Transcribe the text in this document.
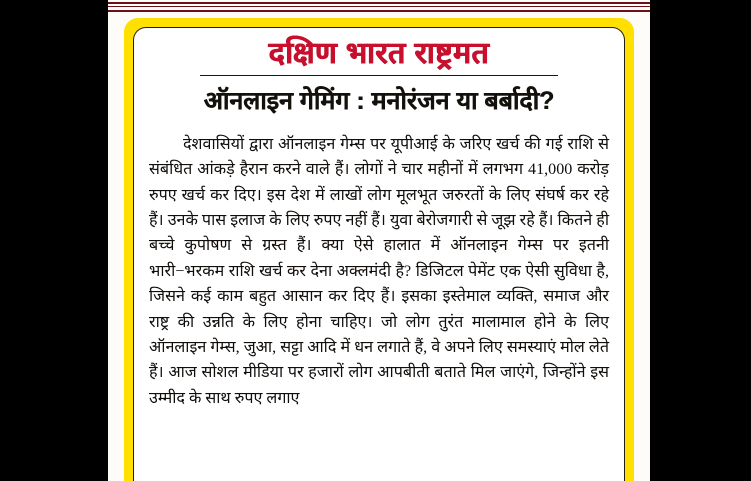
दक्षिण भारत राष्ट्रमत
ऑनलाइन गेमिंग : मनोरंजन या बर्बादी?

देशवासियों द्वारा ऑनलाइन गेम्स पर यूपीआई के जरिए खर्च की गई राशि से संबंधित आंकड़े हैरान करने वाले हैं। लोगों ने चार महीनों में लगभग 41,000 करोड़ रुपए खर्च कर दिए। इस देश में लाखों लोग मूलभूत जरुरतों के लिए संघर्ष कर रहे हैं। उनके पास इलाज के लिए रुपए नहीं हैं। युवा बेरोजगारी से जूझ रहे हैं। कितने ही बच्चे कुपोषण से ग्रस्त हैं। क्या ऐसे हालात में ऑनलाइन गेम्स पर इतनी भारी−भरकम राशि खर्च कर देना अक्लमंदी है? डिजिटल पेमेंट एक ऐसी सुविधा है, जिसने कई काम बहुत आसान कर दिए हैं। इसका इस्तेमाल व्यक्ति, समाज और राष्ट्र की उन्नति के लिए होना चाहिए। जो लोग तुरंत मालामाल होने के लिए ऑनलाइन गेम्स, जुआ, सट्टा आदि में धन लगाते हैं, वे अपने लिए समस्याएं मोल लेते हैं। आज सोशल मीडिया पर हजारों लोग आपबीती बताते मिल जाएंगे, जिन्होंने इस उम्मीद के साथ रुपए लगाए
